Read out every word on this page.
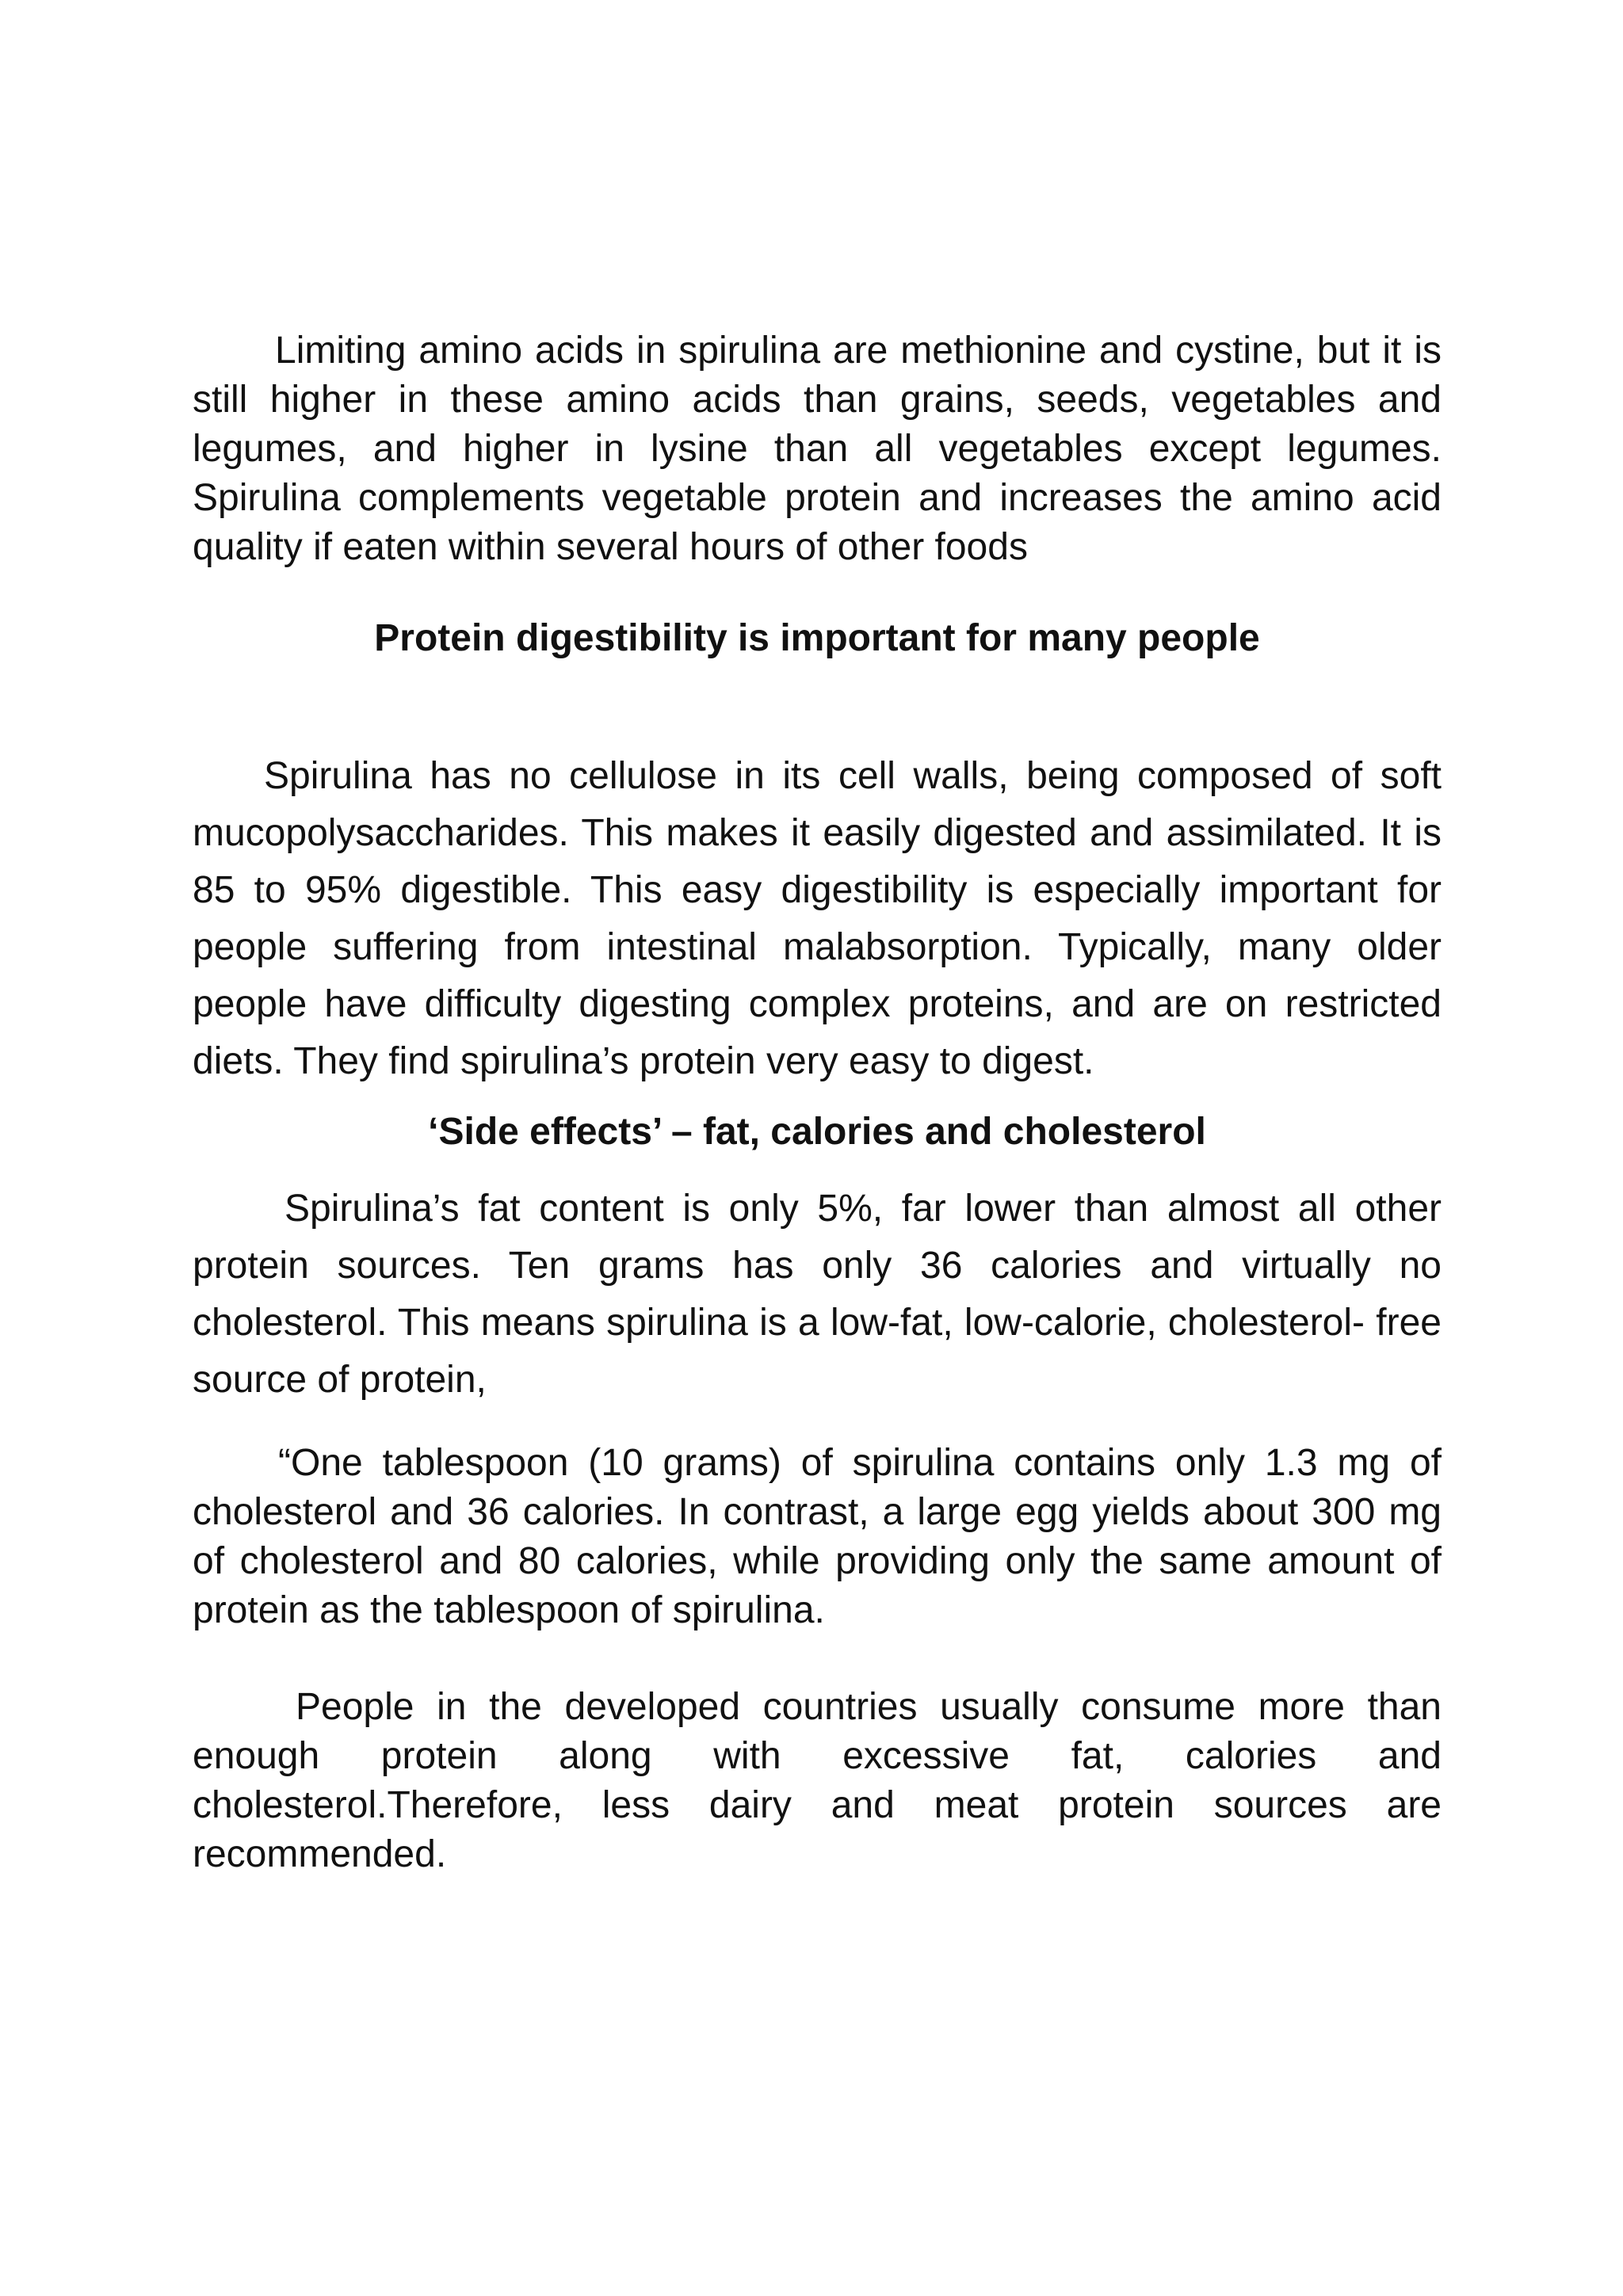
Limiting amino acids in spirulina are methionine and cystine, but it is still higher in these amino acids than grains, seeds, vegetables and legumes, and higher in lysine than all vegetables except legumes. Spirulina complements vegetable protein and increases the amino acid quality if eaten within several hours of other foods

Protein digestibility is important for many people

Spirulina has no cellulose in its cell walls, being composed of soft mucopolysaccharides. This makes it easily digested and assimilated. It is 85 to 95% digestible. This easy digestibility is especially important for people suffering from intestinal malabsorption. Typically, many older people have difficulty digesting complex proteins, and are on restricted diets. They find spirulina’s protein very easy to digest.

‘Side effects’ – fat, calories and cholesterol

Spirulina’s fat content is only 5%, far lower than almost all other protein sources. Ten grams has only 36 calories and virtually no cholesterol. This means spirulina is a low-fat, low-calorie, cholesterol- free source of protein,

“One tablespoon (10 grams) of spirulina contains only 1.3 mg of cholesterol and 36 calories. In contrast, a large egg yields about 300 mg of cholesterol and 80 calories, while providing only the same amount of protein as the tablespoon of spirulina.

People in the developed countries usually consume more than enough protein along with excessive fat, calories and cholesterol.Therefore, less dairy and meat protein sources are recommended.
